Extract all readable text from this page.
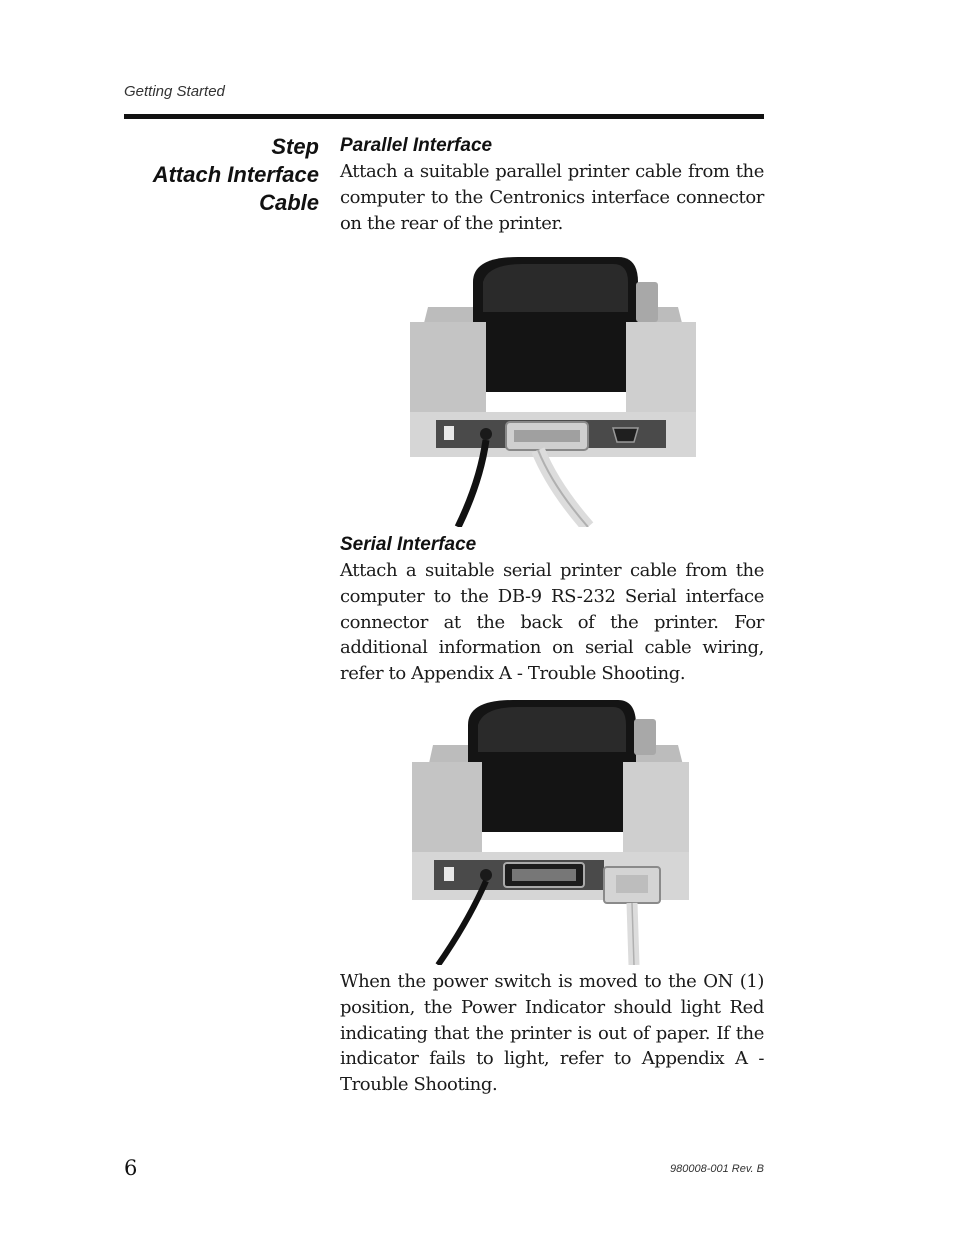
Getting Started
Step
Attach Interface
Cable
Parallel Interface
Attach a suitable parallel printer cable from the computer to the Centronics interface connector on the rear of the printer.
Serial Interface
Attach a suitable serial printer cable from the computer to the DB-9 RS-232 Serial interface connector at the back of the printer. For additional information on serial cable wiring, refer to Appendix A - Trouble Shooting.
When the power switch is moved to the ON (1) position, the Power Indicator should light Red indicating that the printer is out of paper. If the indicator fails to light, refer to Appendix A - Trouble Shooting.
6	980008-001 Rev. B
